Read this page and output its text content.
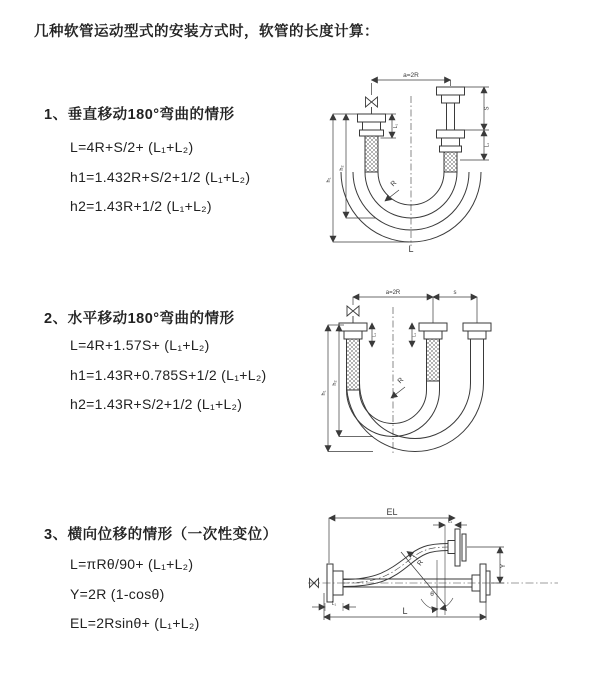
几种软管运动型式的安装方式时，软管的长度计算：
1、垂直移动180°弯曲的情形
L=4R+S/2+ (L₁+L₂)
h1=1.432R+S/2+1/2 (L₁+L₂)
h2=1.43R+1/2 (L₁+L₂)
2、水平移动180°弯曲的情形
L=4R+1.57S+ (L₁+L₂)
h1=1.43R+0.785S+1/2 (L₁+L₂)
h2=1.43R+S/2+1/2 (L₁+L₂)
3、横向位移的情形（一次性变位）
L=πRθ/90+ (L₁+L₂)
Y=2R (1-cosθ)
EL=2Rsinθ+ (L₁+L₂)
a=2R
L₁
h₁
h₂
S
L₁
R
L
a=2R	s
L₁	L₁
h₁
h₂	R
EL
L₁
Y
R
θ
L₁
L
